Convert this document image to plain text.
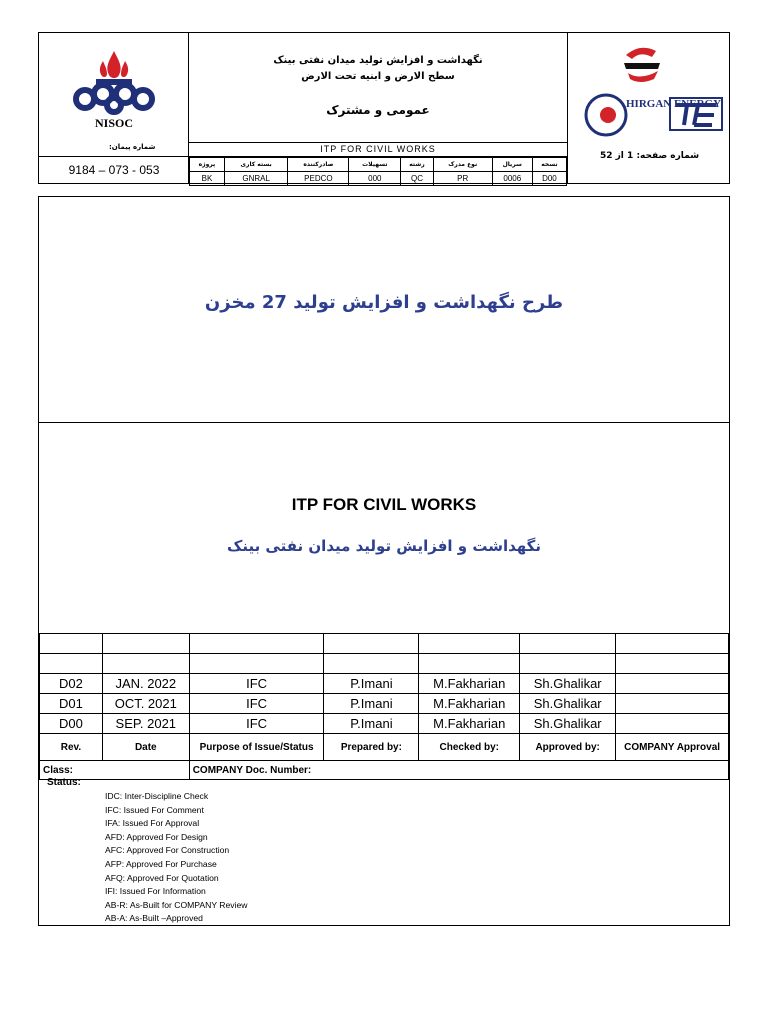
NISOC
شماره پیمان:
9184 – 073 - 053
نگهداشت و افزایش تولید میدان نفتی بینک
سطح الارض و ابنیه تحت الارض
عمومی و مشترک
ITP FOR CIVIL WORKS
پروژه	بسته کاری	صادرکننده	تسهیلات	رشته	نوع مدرک	سریال	نسخه
BK	GNRAL	PEDCO	000	QC	PR	0006	D00
HIRGAN ENERGY
شماره صفحه: 1 از 52
طرح نگهداشت و افزایش تولید 27 مخزن
ITP FOR CIVIL WORKS
نگهداشت و افزایش تولید میدان نفتی بینک

D02	JAN. 2022	IFC	P.Imani	M.Fakharian	Sh.Ghalikar	
D01	OCT. 2021	IFC	P.Imani	M.Fakharian	Sh.Ghalikar	
D00	SEP. 2021	IFC	P.Imani	M.Fakharian	Sh.Ghalikar	
Rev.	Date	Purpose of Issue/Status	Prepared by:	Checked by:	Approved by:	COMPANY Approval
Class:		COMPANY Doc. Number:				
Status:
IDC: Inter-Discipline Check
IFC: Issued For Comment
IFA: Issued For Approval
AFD: Approved For Design
AFC: Approved For Construction
AFP: Approved For Purchase
AFQ: Approved For Quotation
IFI: Issued For Information
AB-R: As-Built for COMPANY Review
AB-A: As-Built –Approved
